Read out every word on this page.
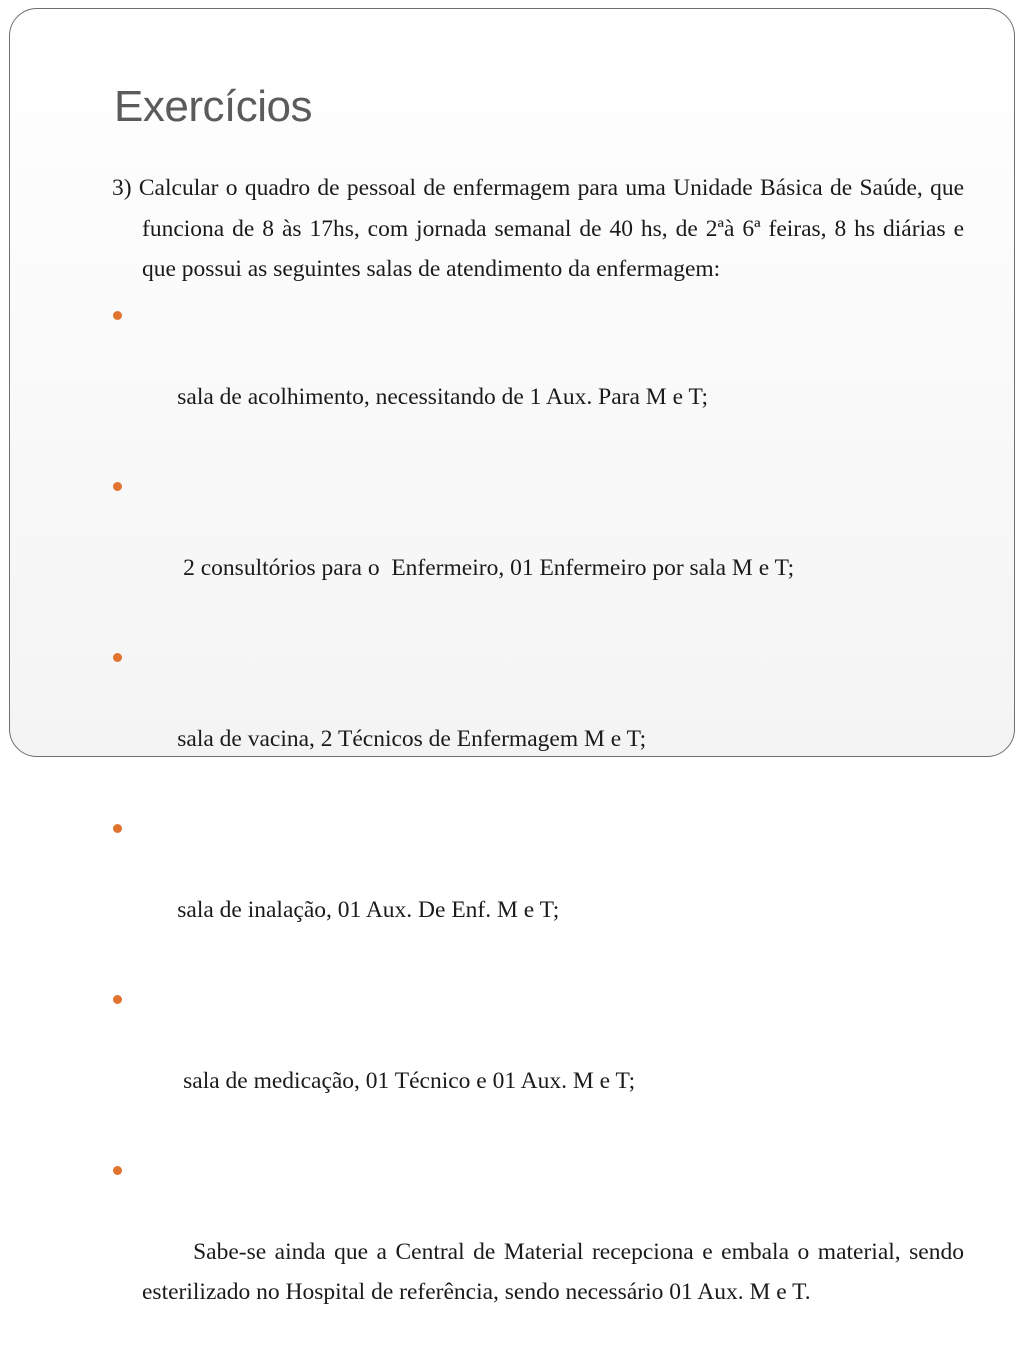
Exercícios

3) Calcular o quadro de pessoal de enfermagem para uma Unidade Básica de Saúde, que funciona de 8 às 17hs, com jornada semanal de 40 hs, de 2ªà 6ª feiras, 8 hs diárias e que possui as seguintes salas de atendimento da enfermagem:

sala de acolhimento, necessitando de 1 Aux. Para M e T;

2 consultórios para o  Enfermeiro, 01 Enfermeiro por sala M e T;

sala de vacina, 2 Técnicos de Enfermagem M e T;

sala de inalação, 01 Aux. De Enf. M e T;

sala de medicação, 01 Técnico e 01 Aux. M e T;

Sabe-se ainda que a Central de Material recepciona e embala o material, sendo esterilizado no Hospital de referência, sendo necessário 01 Aux. M e T.
